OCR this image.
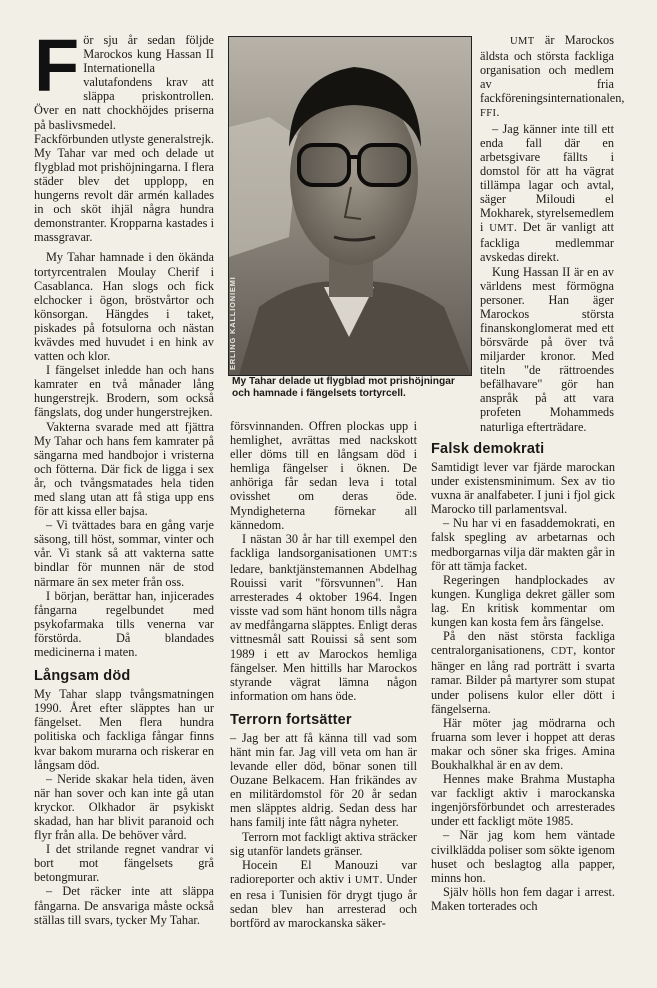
För sju år sedan följde Marockos kung Hassan II Internationella valutafondens krav att släppa priskontrollen. Över en natt chockhöjdes priserna på baslivsmedel.

Fackförbunden utlyste generalstrejk. My Tahar var med och delade ut flygblad mot prishöjningarna. I flera städer blev det upplopp, en hungerns revolt där armén kallades in och sköt ihjäl några hundra demonstranter. Kropparna kastades i massgravar.

My Tahar hamnade i den ökända tortyrcentralen Moulay Cherif i Casablanca. Han slogs och fick elchocker i ögon, bröstvårtor och könsorgan. Hängdes i taket, piskades på fotsulorna och nästan kvävdes med huvudet i en hink av vatten och klor.

I fängelset inledde han och hans kamrater en två månader lång hungerstrejk. Brodern, som också fängslats, dog under hungerstrejken.

Vakterna svarade med att fjättra My Tahar och hans fem kamrater på sängarna med handbojor i vristerna och fötterna. Där fick de ligga i sex år, och tvångsmatades hela tiden med slang utan att få stiga upp ens för att kissa eller bajsa.

– Vi tvättades bara en gång varje säsong, till höst, sommar, vinter och vår. Vi stank så att vakterna satte bindlar för munnen när de stod närmare än sex meter från oss.

I början, berättar han, injicerades fångarna regelbundet med psykofarmaka tills venerna var förstörda. Då blandades medicinerna i maten.

Långsam död

My Tahar slapp tvångsmatningen 1990. Året efter släpptes han ur fängelset. Men flera hundra politiska och fackliga fångar finns kvar bakom murarna och riskerar en långsam död.

– Neride skakar hela tiden, även när han sover och kan inte gå utan kryckor. Olkhador är psykiskt skadad, han har blivit paranoid och flyr från alla. De behöver vård.

I det strilande regnet vandrar vi bort mot fängelsets grå betongmurar.

– Det räcker inte att släppa fångarna. De ansvariga måste också ställas till svars, tycker My Tahar.

ERLING KALLIONIEMI
My Tahar delade ut flygblad mot prishöjningar och hamnade i fängelsets tortyrcell.

försvinnanden. Offren plockas upp i hemlighet, avrättas med nackskott eller döms till en långsam död i hemliga fängelser i öknen. De anhöriga får sedan leva i total ovisshet om deras öde. Myndigheterna förnekar all kännedom.

I nästan 30 år har till exempel den fackliga landsorganisationen UMT:s ledare, banktjänstemannen Abdelhag Rouissi varit "försvunnen". Han arresterades 4 oktober 1964. Ingen visste vad som hänt honom tills några av medfångarna släpptes. Enligt deras vittnesmål satt Rouissi så sent som 1989 i ett av Marockos hemliga fängelser. Men hittills har Marockos styrande vägrat lämna någon information om hans öde.

Terrorn fortsätter

– Jag ber att få känna till vad som hänt min far. Jag vill veta om han är levande eller död, bönar sonen till Ouzane Belkacem. Han frikändes av en militärdomstol för 20 år sedan men släpptes aldrig. Sedan dess har hans familj inte fått några nyheter.

Terrorn mot fackligt aktiva sträcker sig utanför landets gränser.

Hocein El Manouzi var radioreporter och aktiv i UMT. Under en resa i Tunisien för drygt tjugo år sedan blev han arresterad och bortförd av marockanska säker-

UMT är Marockos äldsta och största fackliga organisation och medlem av fria fackföreningsinternationalen, FFI.

– Jag känner inte till ett enda fall där en arbetsgivare fällts i domstol för att ha vägrat tillämpa lagar och avtal, säger Miloudi el Mokharek, styrelsemedlem i UMT. Det är vanligt att fackliga medlemmar avskedas direkt.

Kung Hassan II är en av världens mest förmögna personer. Han äger Marockos största finanskonglomerat med ett börsvärde på över två miljarder kronor. Med titeln "de rättroendes befälhavare" gör han anspråk på att vara profeten Mohammeds naturliga efterträdare.

Falsk demokrati

Samtidigt lever var fjärde marockan under existensminimum. Sex av tio vuxna är analfabeter. I juni i fjol gick Marocko till parlamentsval.

– Nu har vi en fasaddemokrati, en falsk spegling av arbetarnas och medborgarnas vilja där makten går in för att tämja facket.

Regeringen handplockades av kungen. Kungliga dekret gäller som lag. En kritisk kommentar om kungen kan kosta fem års fängelse.

På den näst största fackliga centralorganisationens, CDT, kontor hänger en lång rad porträtt i svarta ramar. Bilder på martyrer som stupat under polisens kulor eller dött i fängelserna.

Här möter jag mödrarna och fruarna som lever i hoppet att deras makar och söner ska friges. Amina Boukhalkhal är en av dem.

Hennes make Brahma Mustapha var fackligt aktiv i marockanska ingenjörsförbundet och arresterades under ett fackligt möte 1985.

– När jag kom hem väntade civilklädda poliser som sökte igenom huset och beslagtog alla papper, minns hon.

Själv hölls hon fem dagar i arrest. Maken torterades och
